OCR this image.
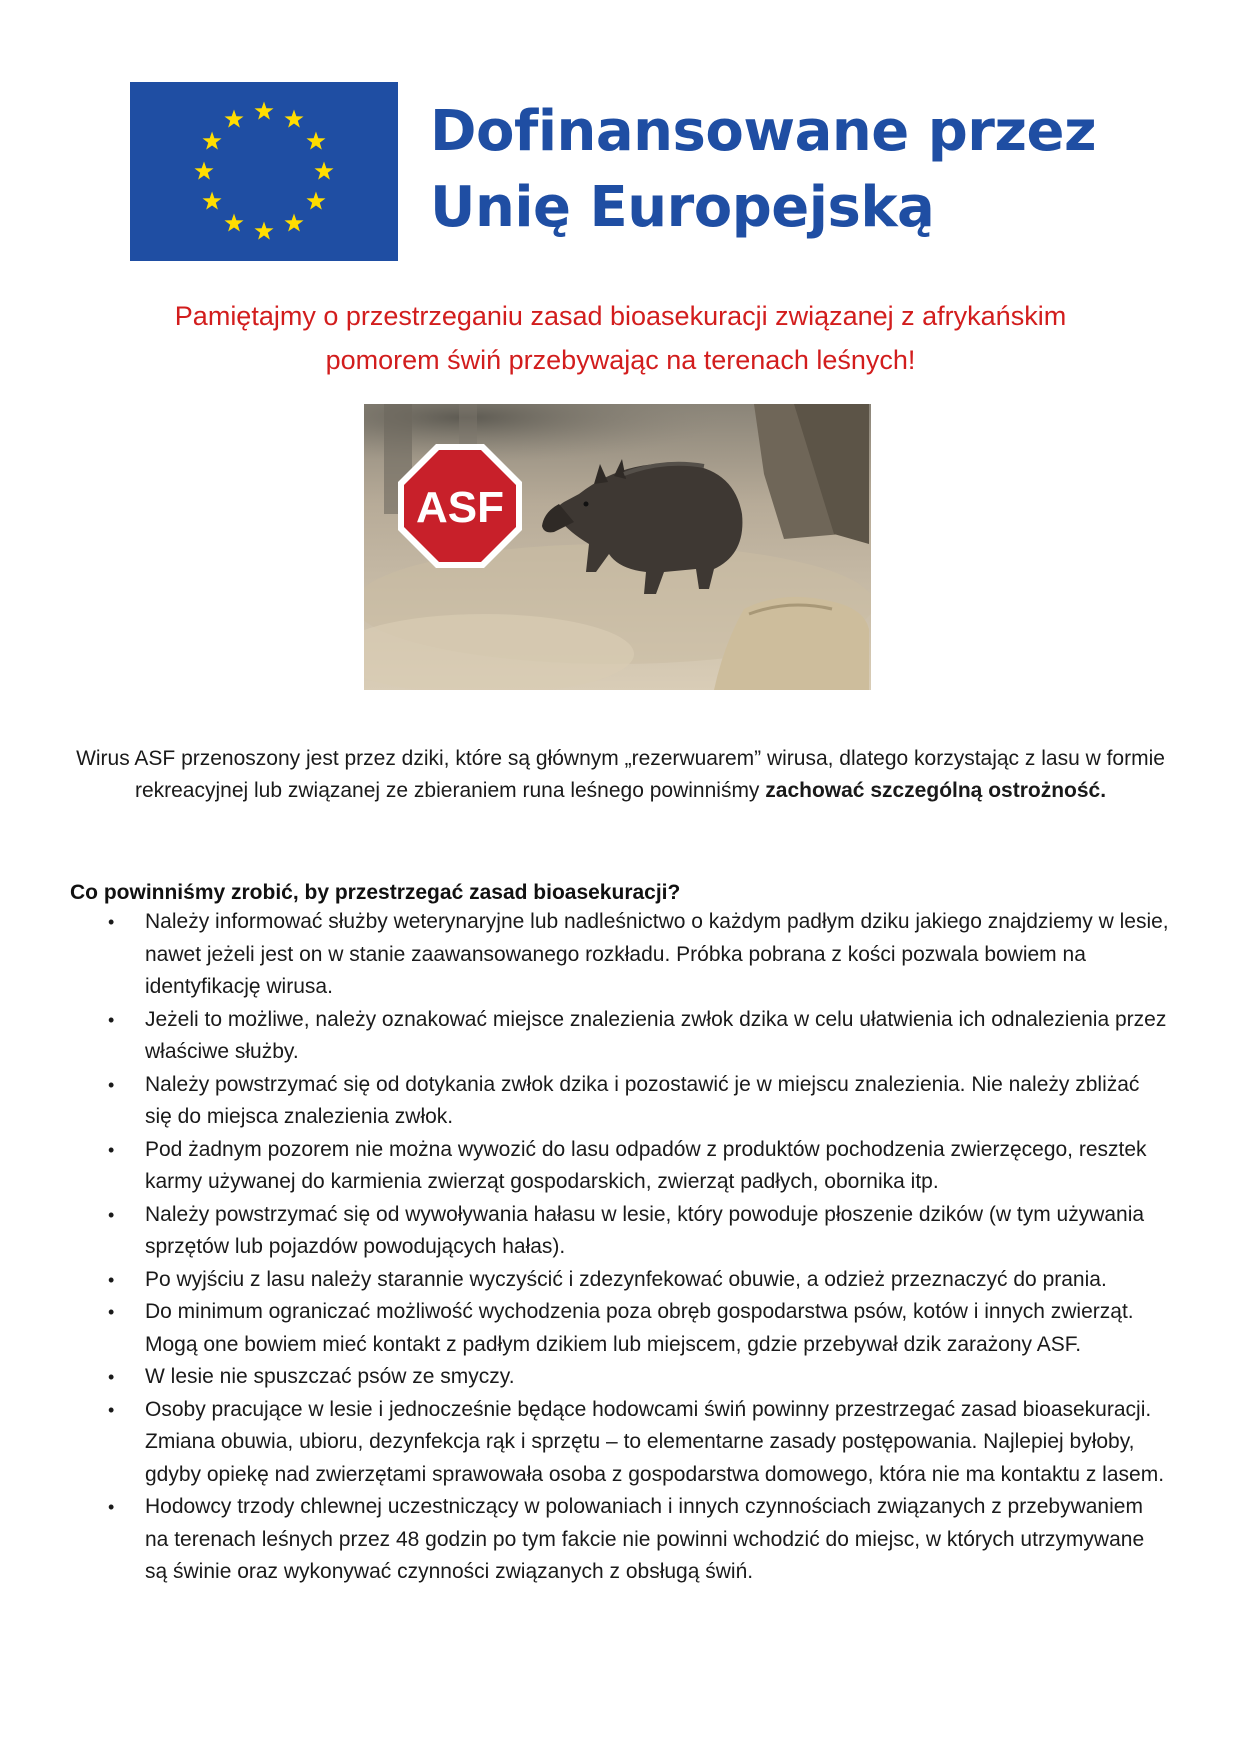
Dofinansowane przez
Unię Europejską
Pamiętajmy o przestrzeganiu zasad bioasekuracji związanej z afrykańskim
pomorem świń przebywając na terenach leśnych!
ASF
Wirus ASF przenoszony jest przez dziki, które są głównym „rezerwuarem” wirusa, dlatego korzystając z lasu w formie rekreacyjnej lub związanej ze zbieraniem runa leśnego powinniśmy zachować szczególną ostrożność.
Co powinniśmy zrobić, by przestrzegać zasad bioasekuracji?
• Należy informować służby weterynaryjne lub nadleśnictwo o każdym padłym dziku jakiego znajdziemy w lesie, nawet jeżeli jest on w stanie zaawansowanego rozkładu. Próbka pobrana z kości pozwala bowiem na identyfikację wirusa.
• Jeżeli to możliwe, należy oznakować miejsce znalezienia zwłok dzika w celu ułatwienia ich odnalezienia przez właściwe służby.
• Należy powstrzymać się od dotykania zwłok dzika i pozostawić je w miejscu znalezienia. Nie należy zbliżać się do miejsca znalezienia zwłok.
• Pod żadnym pozorem nie można wywozić do lasu odpadów z produktów pochodzenia zwierzęcego, resztek karmy używanej do karmienia zwierząt gospodarskich, zwierząt padłych, obornika itp.
• Należy powstrzymać się od wywoływania hałasu w lesie, który powoduje płoszenie dzików (w tym używania sprzętów lub pojazdów powodujących hałas).
• Po wyjściu z lasu należy starannie wyczyścić i zdezynfekować obuwie, a odzież przeznaczyć do prania.
• Do minimum ograniczać możliwość wychodzenia poza obręb gospodarstwa psów, kotów i innych zwierząt. Mogą one bowiem mieć kontakt z padłym dzikiem lub miejscem, gdzie przebywał dzik zarażony ASF.
• W lesie nie spuszczać psów ze smyczy.
• Osoby pracujące w lesie i jednocześnie będące hodowcami świń powinny przestrzegać zasad bioasekuracji. Zmiana obuwia, ubioru, dezynfekcja rąk i sprzętu – to elementarne zasady postępowania. Najlepiej byłoby, gdyby opiekę nad zwierzętami sprawowała osoba z gospodarstwa domowego, która nie ma kontaktu z lasem.
• Hodowcy trzody chlewnej uczestniczący w polowaniach i innych czynnościach związanych z przebywaniem na terenach leśnych przez 48 godzin po tym fakcie nie powinni wchodzić do miejsc, w których utrzymywane są świnie oraz wykonywać czynności związanych z obsługą świń.
